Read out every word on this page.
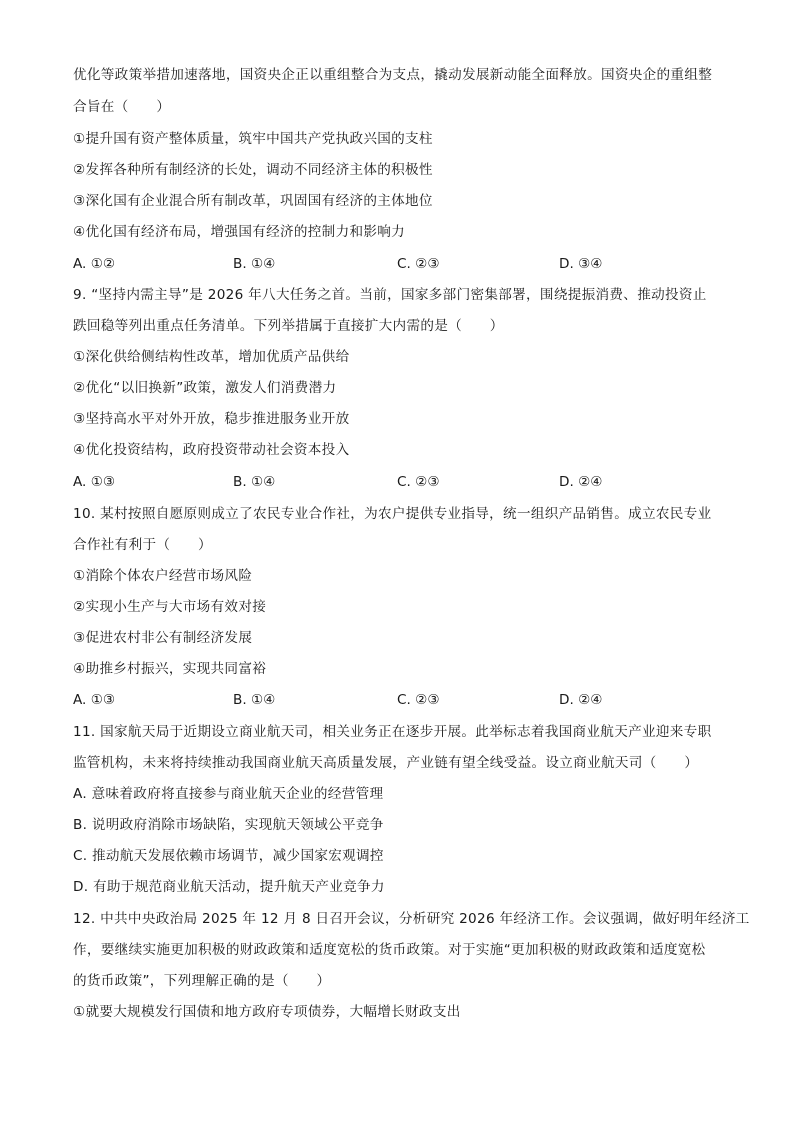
优化等政策举措加速落地，国资央企正以重组整合为支点，撬动发展新动能全面释放。国资央企的重组整
合旨在（　　）
①提升国有资产整体质量，筑牢中国共产党执政兴国的支柱
②发挥各种所有制经济的长处，调动不同经济主体的积极性
③深化国有企业混合所有制改革，巩固国有经济的主体地位
④优化国有经济布局，增强国有经济的控制力和影响力
A. ①②	B. ①④	C. ②③	D. ③④
9. “坚持内需主导”是 2026 年八大任务之首。当前，国家多部门密集部署，围绕提振消费、推动投资止
跌回稳等列出重点任务清单。下列举措属于直接扩大内需的是（　　）
①深化供给侧结构性改革，增加优质产品供给
②优化“以旧换新”政策，激发人们消费潜力
③坚持高水平对外开放，稳步推进服务业开放
④优化投资结构，政府投资带动社会资本投入
A. ①③	B. ①④	C. ②③	D. ②④
10. 某村按照自愿原则成立了农民专业合作社，为农户提供专业指导，统一组织产品销售。成立农民专业
合作社有利于（　　）
①消除个体农户经营市场风险
②实现小生产与大市场有效对接
③促进农村非公有制经济发展
④助推乡村振兴，实现共同富裕
A. ①③	B. ①④	C. ②③	D. ②④
11. 国家航天局于近期设立商业航天司，相关业务正在逐步开展。此举标志着我国商业航天产业迎来专职
监管机构，未来将持续推动我国商业航天高质量发展，产业链有望全线受益。设立商业航天司（　　）
A. 意味着政府将直接参与商业航天企业的经营管理
B. 说明政府消除市场缺陷，实现航天领域公平竞争
C. 推动航天发展依赖市场调节，减少国家宏观调控
D. 有助于规范商业航天活动，提升航天产业竞争力
12. 中共中央政治局 2025 年 12 月 8 日召开会议，分析研究 2026 年经济工作。会议强调，做好明年经济工
作，要继续实施更加积极的财政政策和适度宽松的货币政策。对于实施“更加积极的财政政策和适度宽松
的货币政策”，下列理解正确的是（　　）
①就要大规模发行国债和地方政府专项债券，大幅增长财政支出
